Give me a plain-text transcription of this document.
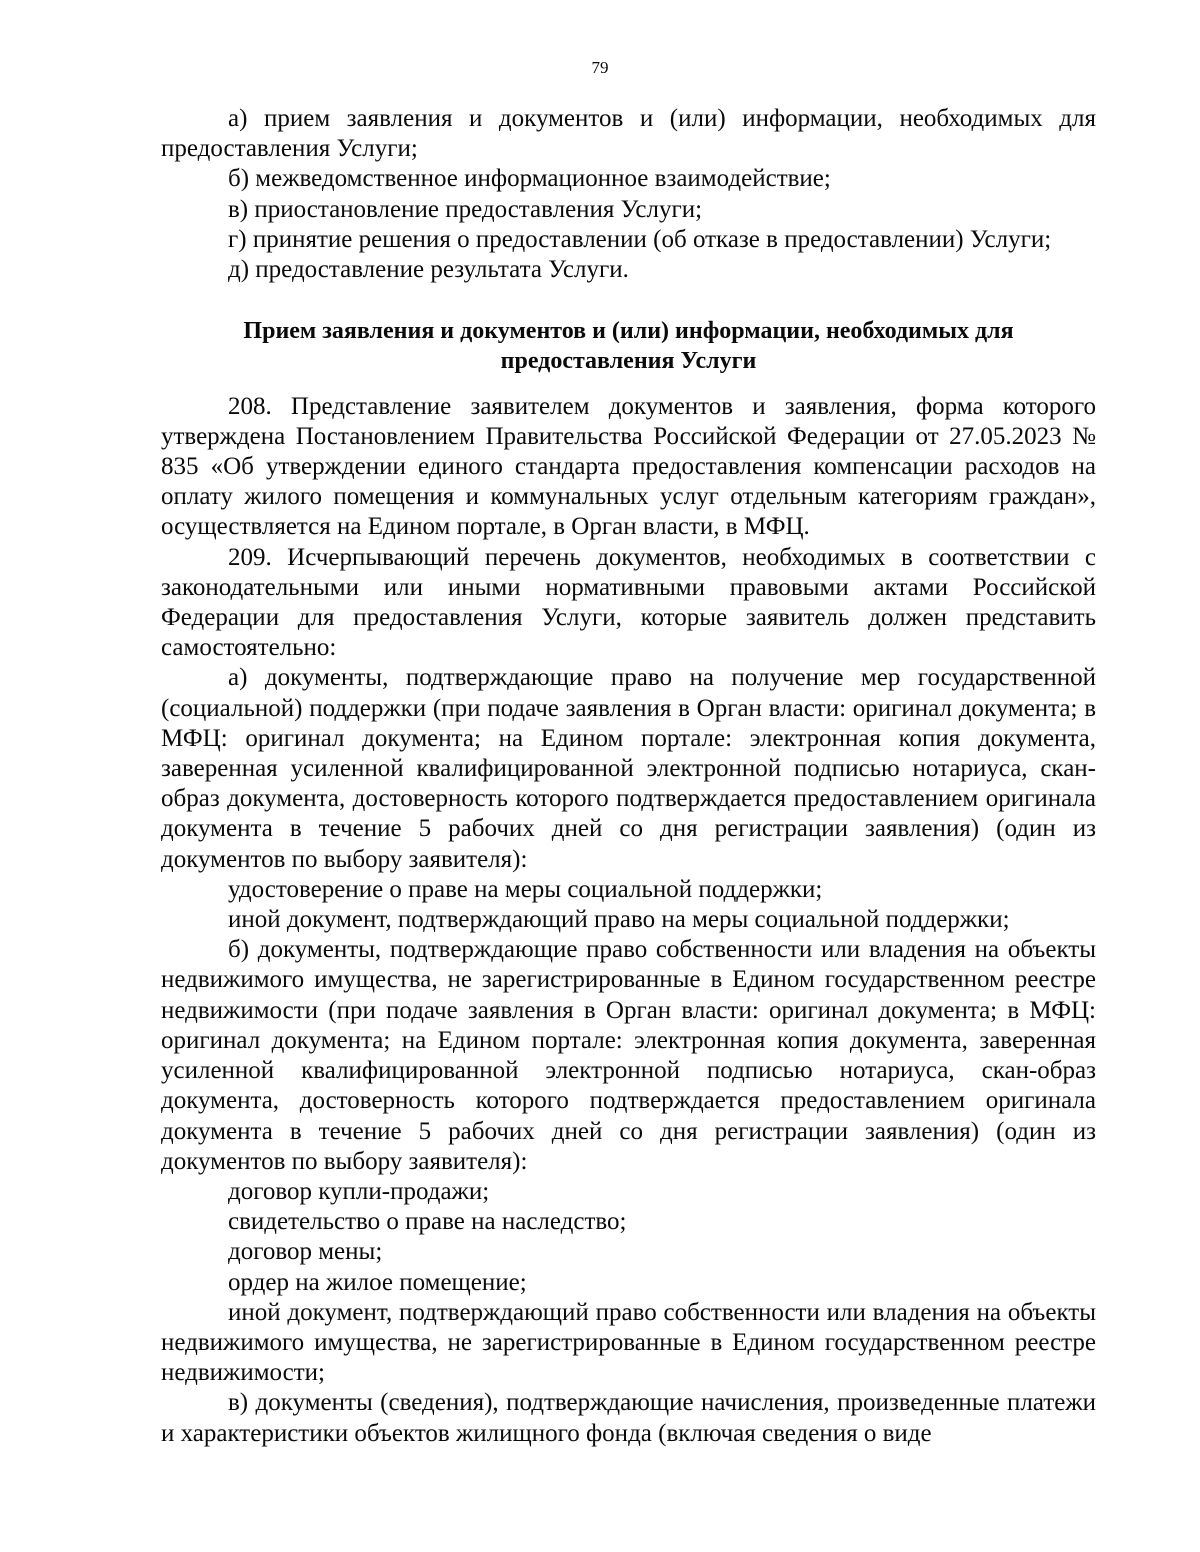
79

а) прием заявления и документов и (или) информации, необходимых для предоставления Услуги;

б) межведомственное информационное взаимодействие;

в) приостановление предоставления Услуги;

г) принятие решения о предоставлении (об отказе в предоставлении) Услуги;

д) предоставление результата Услуги.

Прием заявления и документов и (или) информации, необходимых для предоставления Услуги

208. Представление заявителем документов и заявления, форма которого утверждена Постановлением Правительства Российской Федерации от 27.05.2023 № 835 «Об утверждении единого стандарта предоставления компенсации расходов на оплату жилого помещения и коммунальных услуг отдельным категориям граждан», осуществляется на Едином портале, в Орган власти, в МФЦ.

209. Исчерпывающий перечень документов, необходимых в соответствии с законодательными или иными нормативными правовыми актами Российской Федерации для предоставления Услуги, которые заявитель должен представить самостоятельно:

а) документы, подтверждающие право на получение мер государственной (социальной) поддержки (при подаче заявления в Орган власти: оригинал документа; в МФЦ: оригинал документа; на Едином портале: электронная копия документа, заверенная усиленной квалифицированной электронной подписью нотариуса, скан-образ документа, достоверность которого подтверждается предоставлением оригинала документа в течение 5 рабочих дней со дня регистрации заявления) (один из документов по выбору заявителя):

удостоверение о праве на меры социальной поддержки;

иной документ, подтверждающий право на меры социальной поддержки;

б) документы, подтверждающие право собственности или владения на объекты недвижимого имущества, не зарегистрированные в Едином государственном реестре недвижимости (при подаче заявления в Орган власти: оригинал документа; в МФЦ: оригинал документа; на Едином портале: электронная копия документа, заверенная усиленной квалифицированной электронной подписью нотариуса, скан-образ документа, достоверность которого подтверждается предоставлением оригинала документа в течение 5 рабочих дней со дня регистрации заявления) (один из документов по выбору заявителя):

договор купли-продажи;

свидетельство о праве на наследство;

договор мены;

ордер на жилое помещение;

иной документ, подтверждающий право собственности или владения на объекты недвижимого имущества, не зарегистрированные в Едином государственном реестре недвижимости;

в) документы (сведения), подтверждающие начисления, произведенные платежи и характеристики объектов жилищного фонда (включая сведения о виде
